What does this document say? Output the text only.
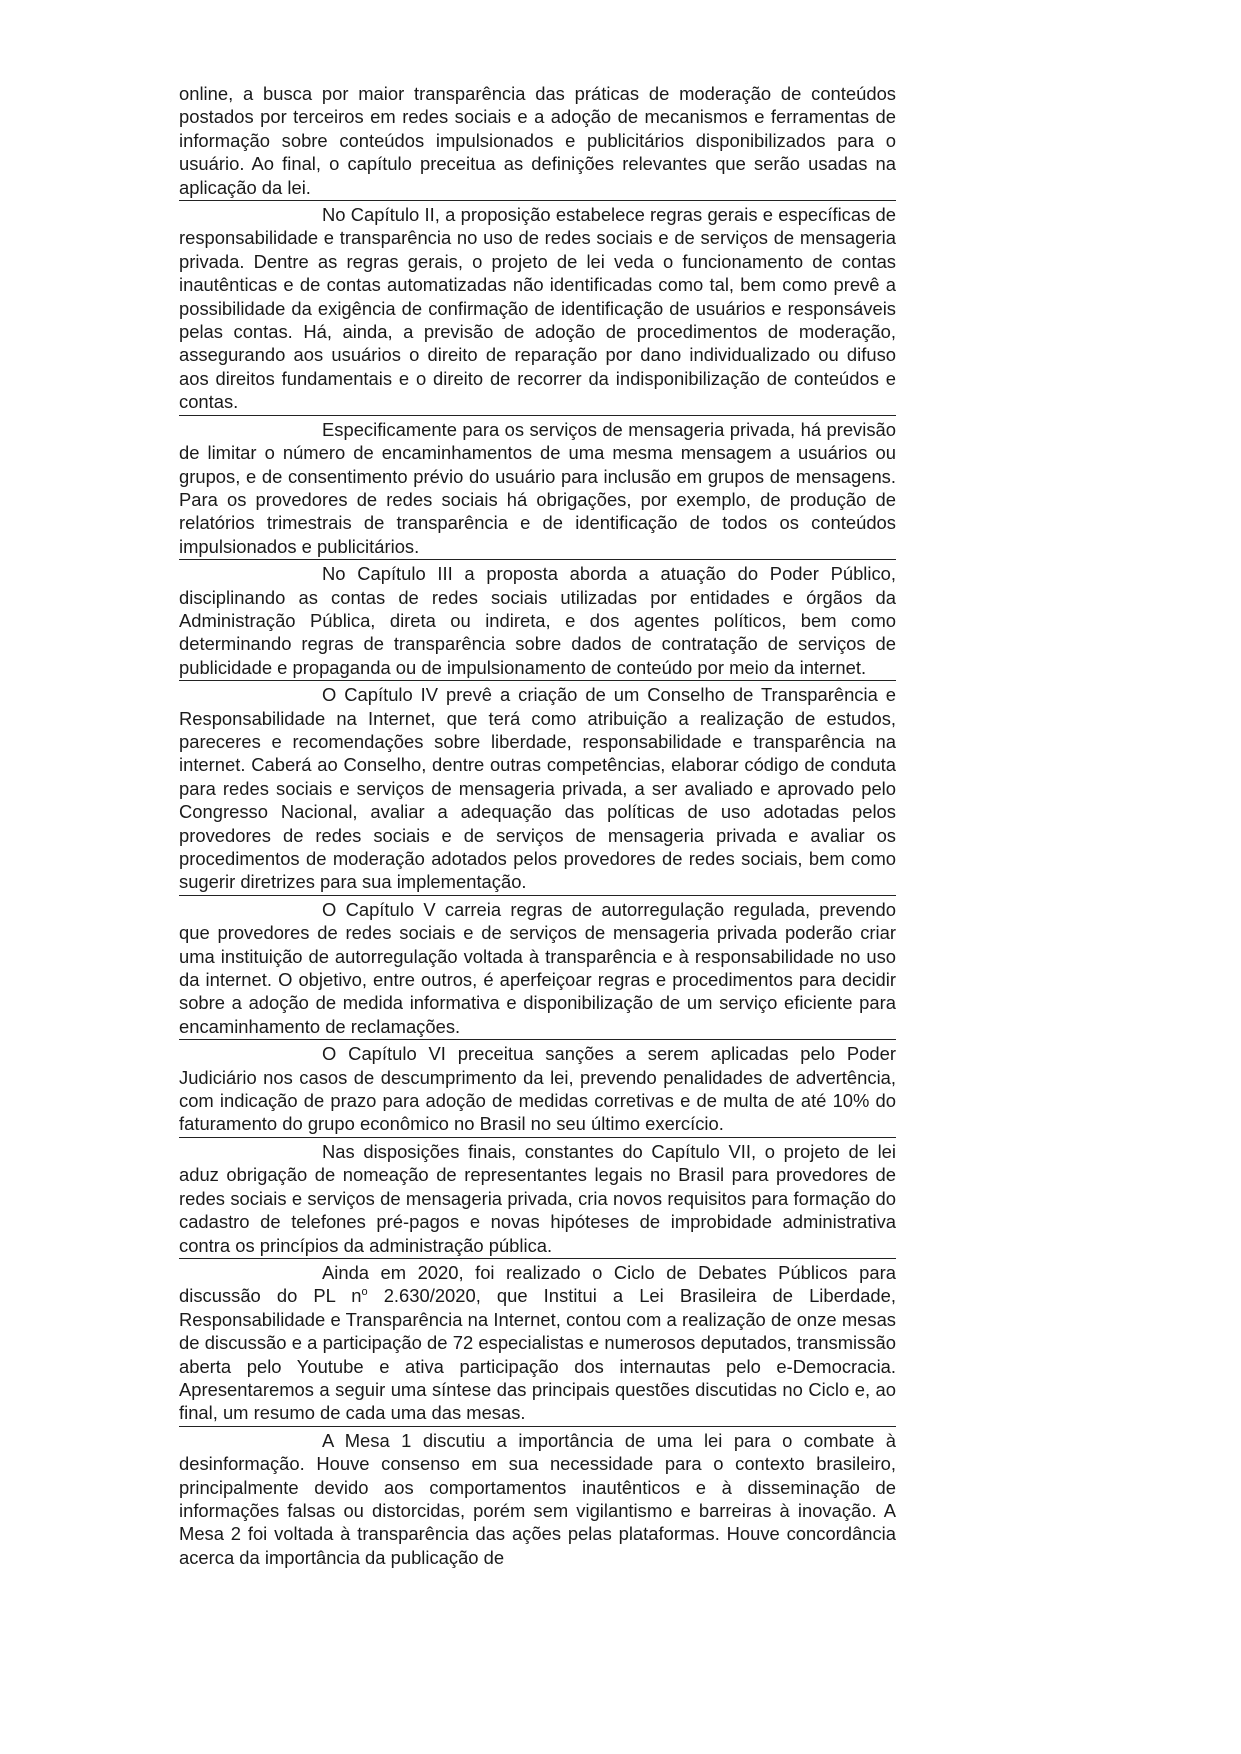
online, a busca por maior transparência das práticas de moderação de conteúdos postados por terceiros em redes sociais e a adoção de mecanismos e ferramentas de informação sobre conteúdos impulsionados e publicitários disponibilizados para o usuário. Ao final, o capítulo preceitua as definições relevantes que serão usadas na aplicação da lei.

No Capítulo II, a proposição estabelece regras gerais e específicas de responsabilidade e transparência no uso de redes sociais e de serviços de mensageria privada. Dentre as regras gerais, o projeto de lei veda o funcionamento de contas inautênticas e de contas automatizadas não identificadas como tal, bem como prevê a possibilidade da exigência de confirmação de identificação de usuários e responsáveis pelas contas. Há, ainda, a previsão de adoção de procedimentos de moderação, assegurando aos usuários o direito de reparação por dano individualizado ou difuso aos direitos fundamentais e o direito de recorrer da indisponibilização de conteúdos e contas.

Especificamente para os serviços de mensageria privada, há previsão de limitar o número de encaminhamentos de uma mesma mensagem a usuários ou grupos, e de consentimento prévio do usuário para inclusão em grupos de mensagens. Para os provedores de redes sociais há obrigações, por exemplo, de produção de relatórios trimestrais de transparência e de identificação de todos os conteúdos impulsionados e publicitários.

No Capítulo III a proposta aborda a atuação do Poder Público, disciplinando as contas de redes sociais utilizadas por entidades e órgãos da Administração Pública, direta ou indireta, e dos agentes políticos, bem como determinando regras de transparência sobre dados de contratação de serviços de publicidade e propaganda ou de impulsionamento de conteúdo por meio da internet.

O Capítulo IV prevê a criação de um Conselho de Transparência e Responsabilidade na Internet, que terá como atribuição a realização de estudos, pareceres e recomendações sobre liberdade, responsabilidade e transparência na internet. Caberá ao Conselho, dentre outras competências, elaborar código de conduta para redes sociais e serviços de mensageria privada, a ser avaliado e aprovado pelo Congresso Nacional, avaliar a adequação das políticas de uso adotadas pelos provedores de redes sociais e de serviços de mensageria privada e avaliar os procedimentos de moderação adotados pelos provedores de redes sociais, bem como sugerir diretrizes para sua implementação.

O Capítulo V carreia regras de autorregulação regulada, prevendo que provedores de redes sociais e de serviços de mensageria privada poderão criar uma instituição de autorregulação voltada à transparência e à responsabilidade no uso da internet. O objetivo, entre outros, é aperfeiçoar regras e procedimentos para decidir sobre a adoção de medida informativa e disponibilização de um serviço eficiente para encaminhamento de reclamações.

O Capítulo VI preceitua sanções a serem aplicadas pelo Poder Judiciário nos casos de descumprimento da lei, prevendo penalidades de advertência, com indicação de prazo para adoção de medidas corretivas e de multa de até 10% do faturamento do grupo econômico no Brasil no seu último exercício.

Nas disposições finais, constantes do Capítulo VII, o projeto de lei aduz obrigação de nomeação de representantes legais no Brasil para provedores de redes sociais e serviços de mensageria privada, cria novos requisitos para formação do cadastro de telefones pré-pagos e novas hipóteses de improbidade administrativa contra os princípios da administração pública.

Ainda em 2020, foi realizado o Ciclo de Debates Públicos para discussão do PL $n^o$ 2.630/2020, que Institui a Lei Brasileira de Liberdade, Responsabilidade e Transparência na Internet, contou com a realização de onze mesas de discussão e a participação de 72 especialistas e numerosos deputados, transmissão aberta pelo Youtube e ativa participação dos internautas pelo e-Democracia. Apresentaremos a seguir uma síntese das principais questões discutidas no Ciclo e, ao final, um resumo de cada uma das mesas.

A Mesa 1 discutiu a importância de uma lei para o combate à desinformação. Houve consenso em sua necessidade para o contexto brasileiro, principalmente devido aos comportamentos inautênticos e à disseminação de informações falsas ou distorcidas, porém sem vigilantismo e barreiras à inovação. A Mesa 2 foi voltada à transparência das ações pelas plataformas. Houve concordância acerca da importância da publicação de
